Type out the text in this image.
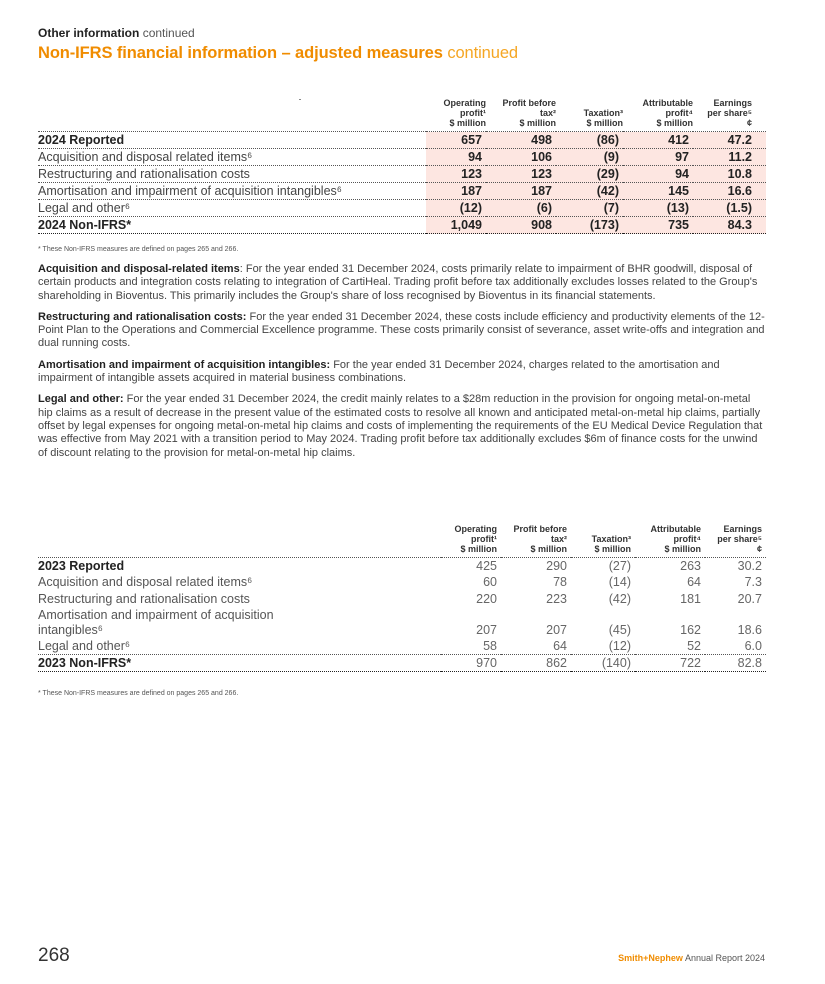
Other information continued
Non-IFRS financial information – adjusted measures continued
	Operating
profit¹
$ million	Profit before
tax²
$ million	Taxation³
$ million	Attributable
profit⁴
$ million	Earnings
per share⁵
¢
2024 Reported	657	498	(86)	412	47.2
Acquisition and disposal related items⁶	94	106	(9)	97	11.2
Restructuring and rationalisation costs	123	123	(29)	94	10.8
Amortisation and impairment of acquisition intangibles⁶	187	187	(42)	145	16.6
Legal and other⁶	(12)	(6)	(7)	(13)	(1.5)
2024 Non-IFRS*	1,049	908	(173)	735	84.3
* These Non-IFRS measures are defined on pages 265 and 266.

Acquisition and disposal-related items: For the year ended 31 December 2024, costs primarily relate to impairment of BHR goodwill, disposal of certain products and integration costs relating to integration of CartiHeal. Trading profit before tax additionally excludes losses related to the Group's shareholding in Bioventus. This primarily includes the Group's share of loss recognised by Bioventus in its financial statements.

Restructuring and rationalisation costs: For the year ended 31 December 2024, these costs include efficiency and productivity elements of the 12-Point Plan to the Operations and Commercial Excellence programme. These costs primarily consist of severance, asset write-offs and integration and dual running costs.

Amortisation and impairment of acquisition intangibles: For the year ended 31 December 2024, charges related to the amortisation and impairment of intangible assets acquired in material business combinations.

Legal and other: For the year ended 31 December 2024, the credit mainly relates to a $28m reduction in the provision for ongoing metal-on-metal hip claims as a result of decrease in the present value of the estimated costs to resolve all known and anticipated metal-on-metal hip claims, partially offset by legal expenses for ongoing metal-on-metal hip claims and costs of implementing the requirements of the EU Medical Device Regulation that was effective from May 2021 with a transition period to May 2024. Trading profit before tax additionally excludes $6m of finance costs for the unwind of discount relating to the provision for metal-on-metal hip claims.

	Operating
profit¹
$ million	Profit before
tax²
$ million	Taxation³
$ million	Attributable
profit⁴
$ million	Earnings
per share⁵
¢
2023 Reported	425	290	(27)	263	30.2
Acquisition and disposal related items⁶	60	78	(14)	64	7.3
Restructuring and rationalisation costs	220	223	(42)	181	20.7
Amortisation and impairment of acquisition
intangibles⁶	207	207	(45)	162	18.6
Legal and other⁶	58	64	(12)	52	6.0
2023 Non-IFRS*	970	862	(140)	722	82.8
* These Non-IFRS measures are defined on pages 265 and 266.
268	Smith+Nephew Annual Report 2024
